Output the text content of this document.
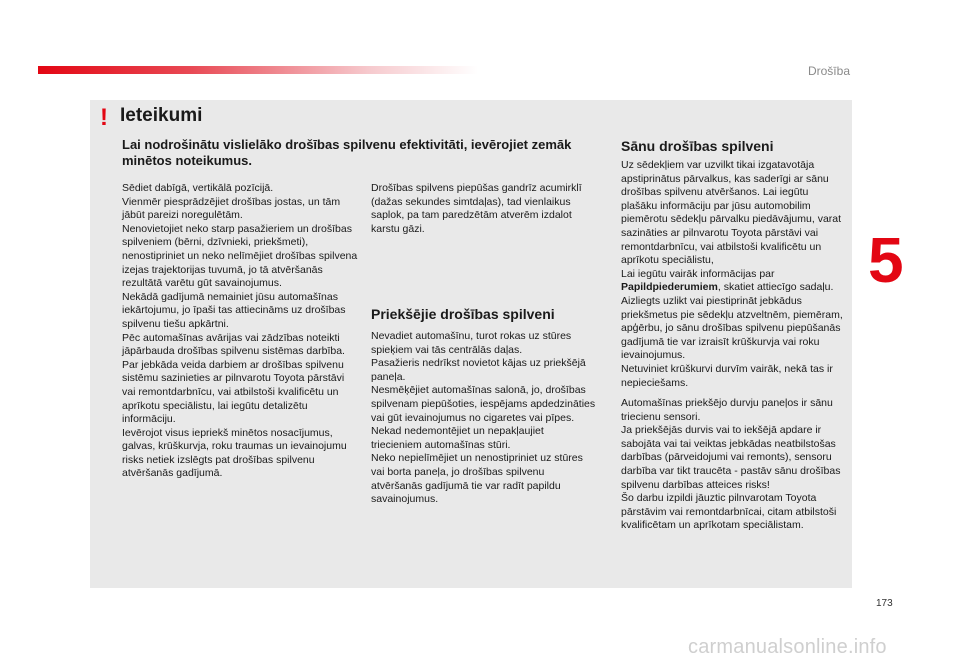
Drošība
5
173
! Ieteikumi
Lai nodrošinātu vislielāko drošības spilvenu efektivitāti, ievērojiet zemāk minētos noteikumus.

Sēdiet dabīgā, vertikālā pozīcijā.
Vienmēr piesprādzējiet drošības jostas, un tām jābūt pareizi noregulētām.
Nenovietojiet neko starp pasažieriem un drošības spilveniem (bērni, dzīvnieki, priekšmeti), nenostipriniet un neko nelīmējiet drošības spilvena izejas trajektorijas tuvumā, jo tā atvēršanās rezultātā varētu gūt savainojumus.
Nekādā gadījumā nemainiet jūsu automašīnas iekārtojumu, jo īpaši tas attiecināms uz drošības spilvenu tiešu apkārtni.
Pēc automašīnas avārijas vai zādzības noteikti jāpārbauda drošības spilvenu sistēmas darbība.
Par jebkāda veida darbiem ar drošības spilvenu sistēmu sazinieties ar pilnvarotu Toyota pārstāvi vai remontdarbnīcu, vai atbilstoši kvalificētu un aprīkotu speciālistu, lai iegūtu detalizētu informāciju.
Ievērojot visus iepriekš minētos nosacījumus, galvas, krūškurvja, roku traumas un ievainojumu risks netiek izslēgts pat drošības spilvenu atvēršanās gadījumā.

Drošības spilvens piepūšas gandrīz acumirklī (dažas sekundes simtdaļas), tad vienlaikus saplok, pa tam paredzētām atverēm izdalot karstu gāzi.

Priekšējie drošības spilveni

Nevadiet automašīnu, turot rokas uz stūres spieķiem vai tās centrālās daļas.
Pasažieris nedrīkst novietot kājas uz priekšējā paneļa.
Nesmēķējiet automašīnas salonā, jo, drošības spilvenam piepūšoties, iespējams apdedzināties vai gūt ievainojumus no cigaretes vai pīpes.
Nekad nedemontējiet un nepakļaujiet triecieniem automašīnas stūri.
Neko nepielīmējiet un nenostipriniet uz stūres vai borta paneļa, jo drošības spilvenu atvēršanās gadījumā tie var radīt papildu savainojumus.

Sānu drošības spilveni

Uz sēdekļiem var uzvilkt tikai izgatavotāja apstiprinātus pārvalkus, kas saderīgi ar sānu drošības spilvenu atvēršanos. Lai iegūtu plašāku informāciju par jūsu automobilim piemērotu sēdekļu pārvalku piedāvājumu, varat sazināties ar pilnvarotu Toyota pārstāvi vai remontdarbnīcu, vai atbilstoši kvalificētu un aprīkotu speciālistu,
Lai iegūtu vairāk informācijas par Papildpiederumiem, skatiet attiecīgo sadaļu.
Aizliegts uzlikt vai piestiprināt jebkādus priekšmetus pie sēdekļu atzveltnēm, piemēram, apģērbu, jo sānu drošības spilvenu piepūšanās gadījumā tie var izraisīt krūškurvja vai roku ievainojumus.
Netuviniet krūškurvi durvīm vairāk, nekā tas ir nepieciešams.

Automašīnas priekšējo durvju paneļos ir sānu triecienu sensori.
Ja priekšējās durvis vai to iekšējā apdare ir sabojāta vai tai veiktas jebkādas neatbilstošas darbības (pārveidojumi vai remonts), sensoru darbība var tikt traucēta - pastāv sānu drošības spilvenu darbības atteices risks!
Šo darbu izpildi jāuztic pilnvarotam Toyota pārstāvim vai remontdarbnīcai, citam atbilstoši kvalificētam un aprīkotam speciālistam.

carmanualsonline.info
